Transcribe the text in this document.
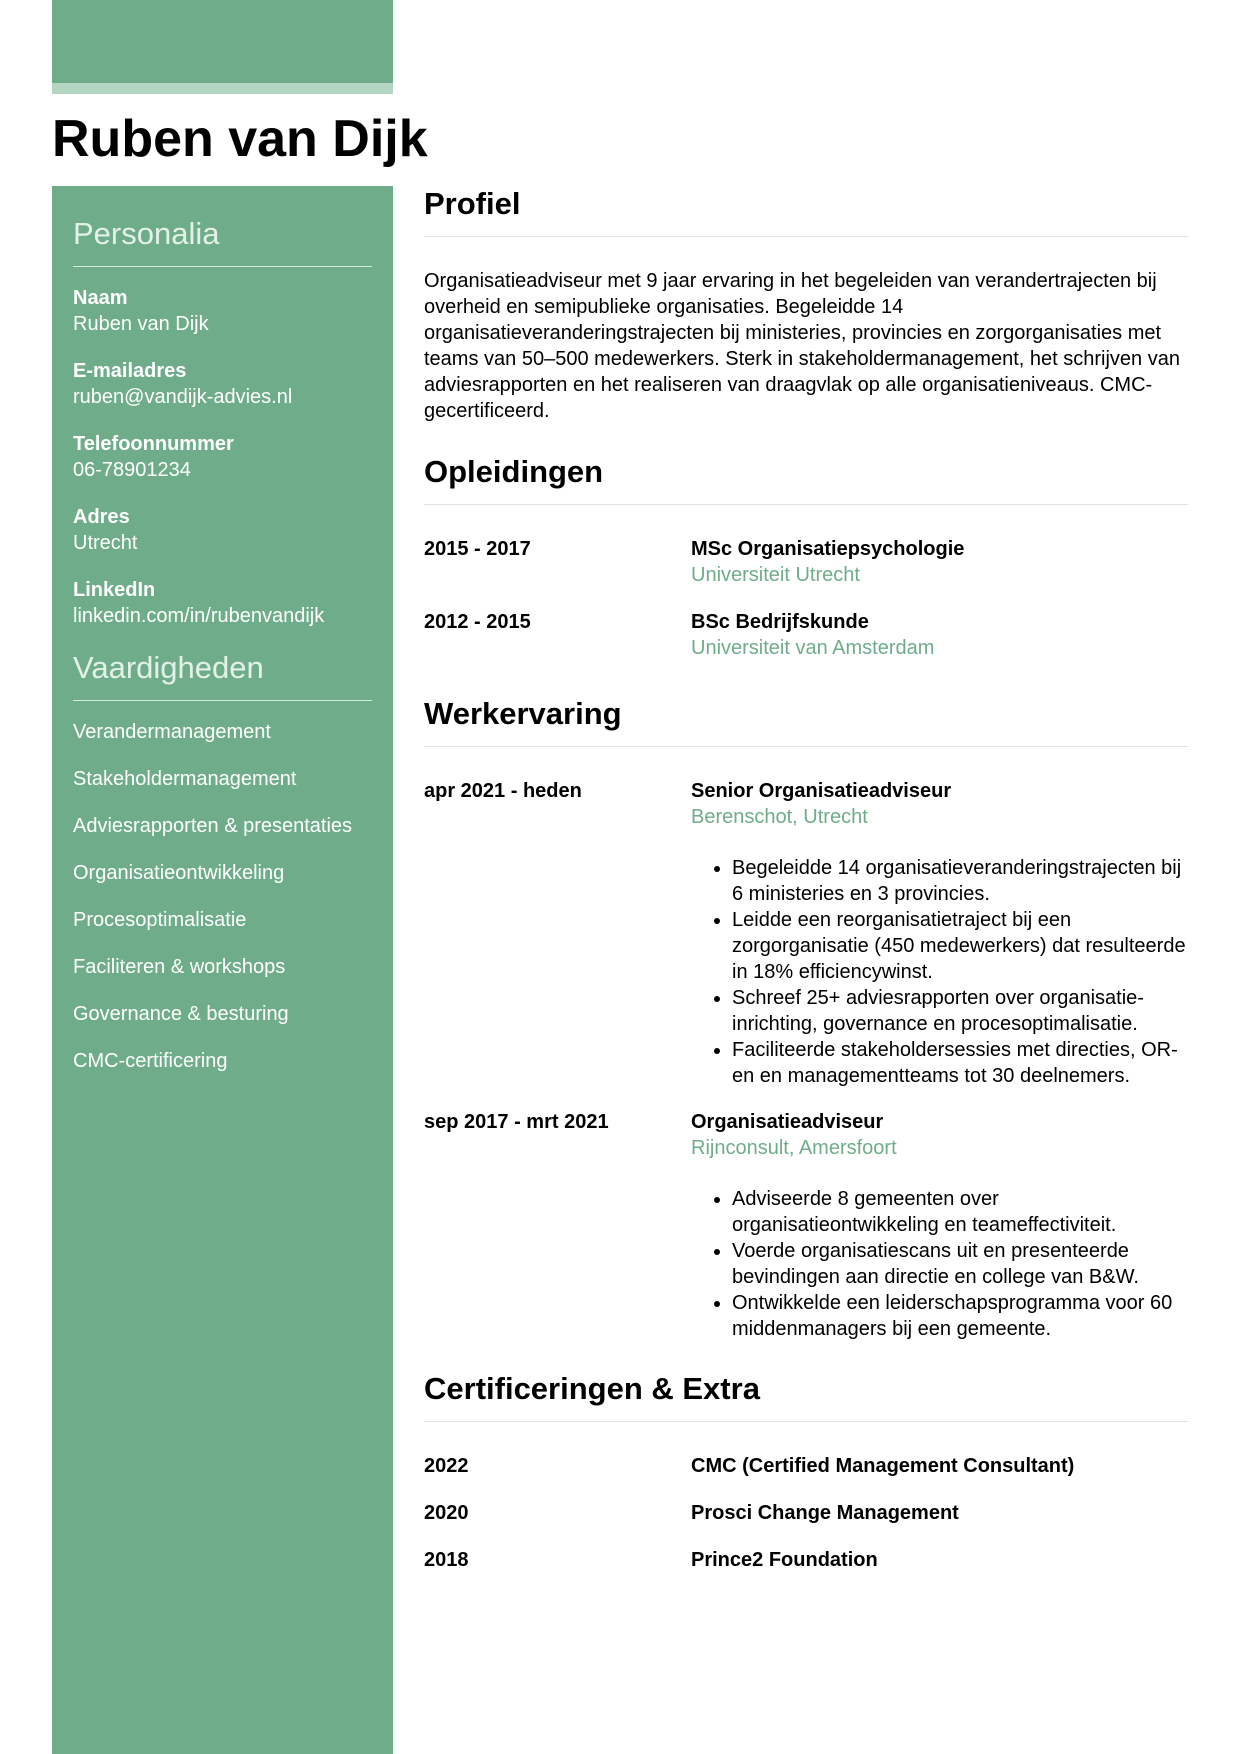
Ruben van Dijk
Personalia
Naam
Ruben van Dijk
E-mailadres
ruben@vandijk-advies.nl
Telefoonnummer
06-78901234
Adres
Utrecht
LinkedIn
linkedin.com/in/rubenvandijk
Vaardigheden
Verandermanagement
Stakeholdermanagement
Adviesrapporten & presentaties
Organisatieontwikkeling
Procesoptimalisatie
Faciliteren & workshops
Governance & besturing
CMC-certificering
Profiel

Organisatieadviseur met 9 jaar ervaring in het begeleiden van verandertrajecten bij overheid en semipublieke organisaties. Begeleidde 14 organisatieveranderingstrajecten bij ministeries, provincies en zorgorganisaties met teams van 50–500 medewerkers. Sterk in stakeholdermanagement, het schrijven van adviesrapporten en het realiseren van draagvlak op alle organisatieniveaus. CMC-gecertificeerd.

Opleidingen
2015 - 2017	MSc Organisatiepsychologie
Universiteit Utrecht
2012 - 2015	BSc Bedrijfskunde
Universiteit van Amsterdam
Werkervaring
apr 2021 - heden	Senior Organisatieadviseur
Berenschot, Utrecht
• Begeleidde 14 organisatieveranderingstrajecten bij 6 ministeries en 3 provincies.
• Leidde een reorganisatietraject bij een zorgorganisatie (450 medewerkers) dat resulteerde in 18% efficiencywinst.
• Schreef 25+ adviesrapporten over organisatie-inrichting, governance en procesoptimalisatie.
• Faciliteerde stakeholdersessies met directies, OR-en en managementteams tot 30 deelnemers.
sep 2017 - mrt 2021	Organisatieadviseur
Rijnconsult, Amersfoort
• Adviseerde 8 gemeenten over organisatieontwikkeling en teameffectiviteit.
• Voerde organisatiescans uit en presenteerde bevindingen aan directie en college van B&W.
• Ontwikkelde een leiderschapsprogramma voor 60 middenmanagers bij een gemeente.
Certificeringen & Extra
2022	CMC (Certified Management Consultant)
2020	Prosci Change Management
2018	Prince2 Foundation
